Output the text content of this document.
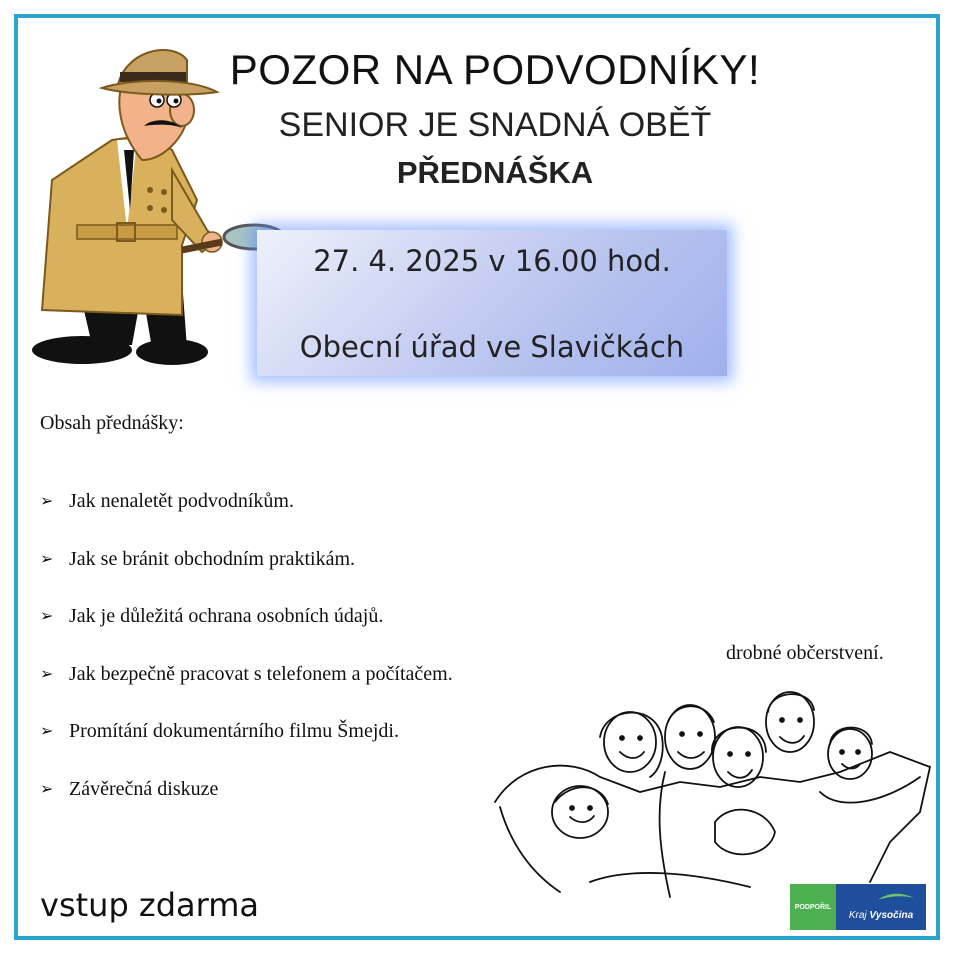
POZOR NA PODVODNÍKY!
SENIOR JE SNADNÁ OBĚŤ
PŘEDNÁŠKA
27. 4. 2025 v 16.00 hod.
Obecní úřad ve Slavičkách
Obsah přednášky:
➢ Jak nenaletět podvodníkům.
➢ Jak se bránit obchodním praktikám.
➢ Jak je důležitá ochrana osobních údajů.
➢ Jak bezpečně pracovat s telefonem a počítačem.
➢ Promítání dokumentárního filmu Šmejdi.
➢ Závěrečná diskuze
drobné občerstvení.
vstup zdarma	PODPOŘIL
Kraj Vysočina
